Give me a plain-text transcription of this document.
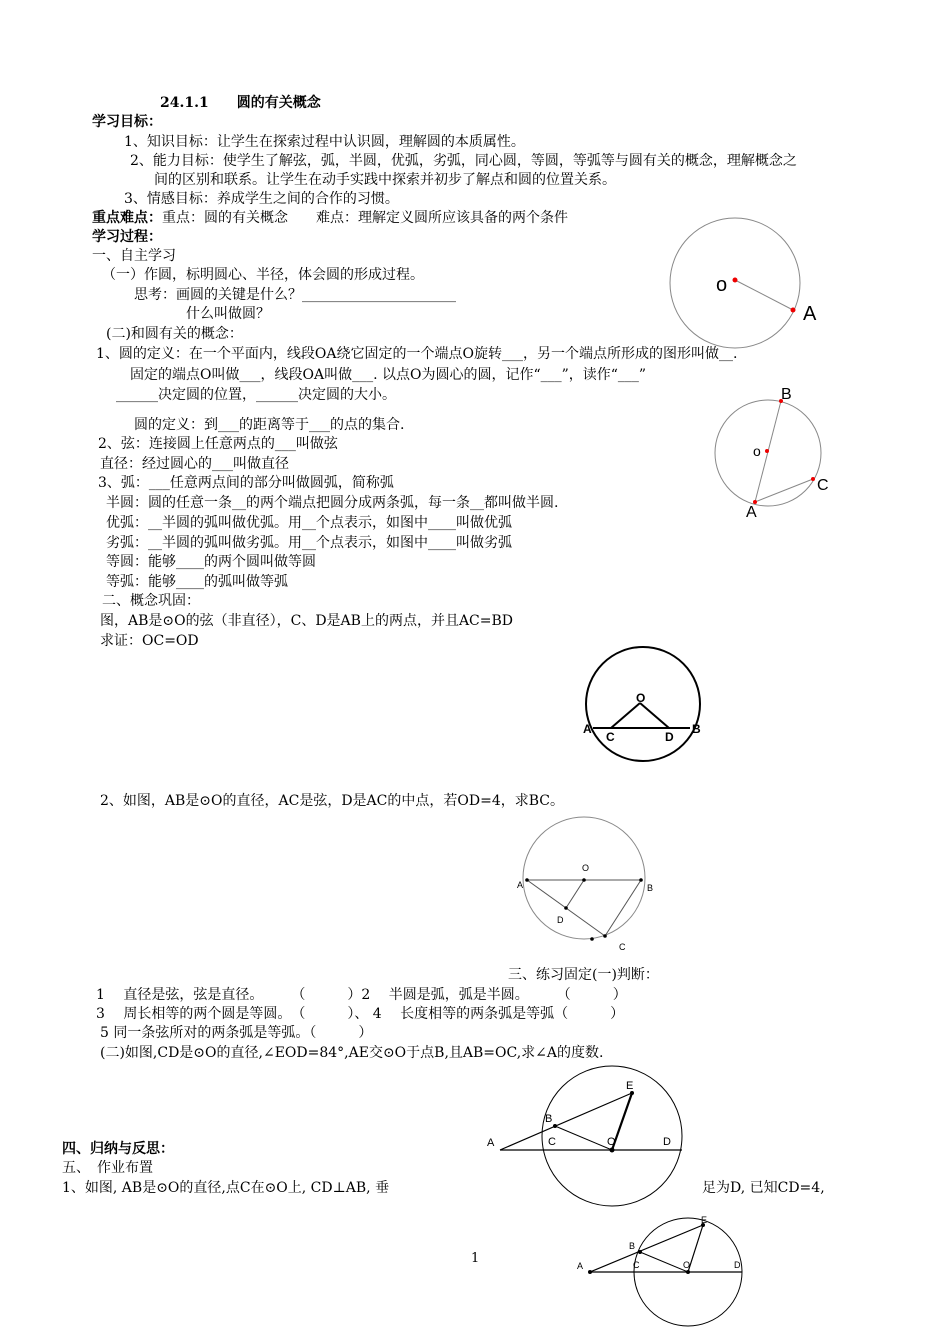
24.1.1　　圆的有关概念
学习目标：
1、知识目标：让学生在探索过程中认识圆，理解圆的本质属性。
2、能力目标：使学生了解弦，弧，半圆，优弧，劣弧，同心圆，等圆，等弧等与圆有关的概念，理解概念之
间的区别和联系。让学生在动手实践中探索并初步了解点和圆的位置关系。
3、情感目标：养成学生之间的合作的习惯。
重点难点：重点：圆的有关概念　　难点：理解定义圆所应该具备的两个条件
学习过程：
一、自主学习
（一）作圆，标明圆心、半径，体会圆的形成过程。
思考：画圆的关键是什么？______________________
什么叫做圆？
(二)和圆有关的概念：
1、圆的定义：在一个平面内，线段OA绕它固定的一个端点O旋转___，另一个端点所形成的图形叫做__.
固定的端点O叫做___，线段OA叫做___. 以点O为圆心的圆，记作“___”，读作“___”
______决定圆的位置，______决定圆的大小。
圆的定义：到___的距离等于___的点的集合.
2、弦：连接圆上任意两点的___叫做弦
直径：经过圆心的___叫做直径
3、弧：___任意两点间的部分叫做圆弧，简称弧
半圆：圆的任意一条__的两个端点把圆分成两条弧，每一条__都叫做半圆.
优弧：__半圆的弧叫做优弧。用__个点表示，如图中____叫做优弧
劣弧：__半圆的弧叫做劣弧。用__个点表示，如图中____叫做劣弧
等圆：能够____的两个圆叫做等圆
等弧：能够____的弧叫做等弧
二、概念巩固：
图，AB是⊙O的弦（非直径），C、D是AB上的两点，并且AC=BD
求证：OC=OD
2、如图，AB是⊙O的直径，AC是弦，D是AC的中点，若OD=4，求BC。
三、练习固定(一)判断：
1　 直径是弦，弦是直径。　　　（　　　）2　 半圆是弧，弧是半圆。　　　（　　　）
3　 周长相等的两个圆是等圆。　（　　　）、 4　 长度相等的两条弧是等弧（　　　）
5 同一条弦所对的两条弧是等弧。（　　　）
(二)如图,CD是⊙O的直径,∠EOD=84°,AE交⊙O于点B,且AB=OC,求∠A的度数.
四、归纳与反思：
五、　作业布置
1、如图, AB是⊙O的直径,点C在⊙O上, CD⊥AB, 垂	足为D, 已知CD=4,
1
o
A
B
o
A
C
O
A
C	D
B
O
A	B
D
C
E
B
C	O	D
A
E
B
C	O	D
A
